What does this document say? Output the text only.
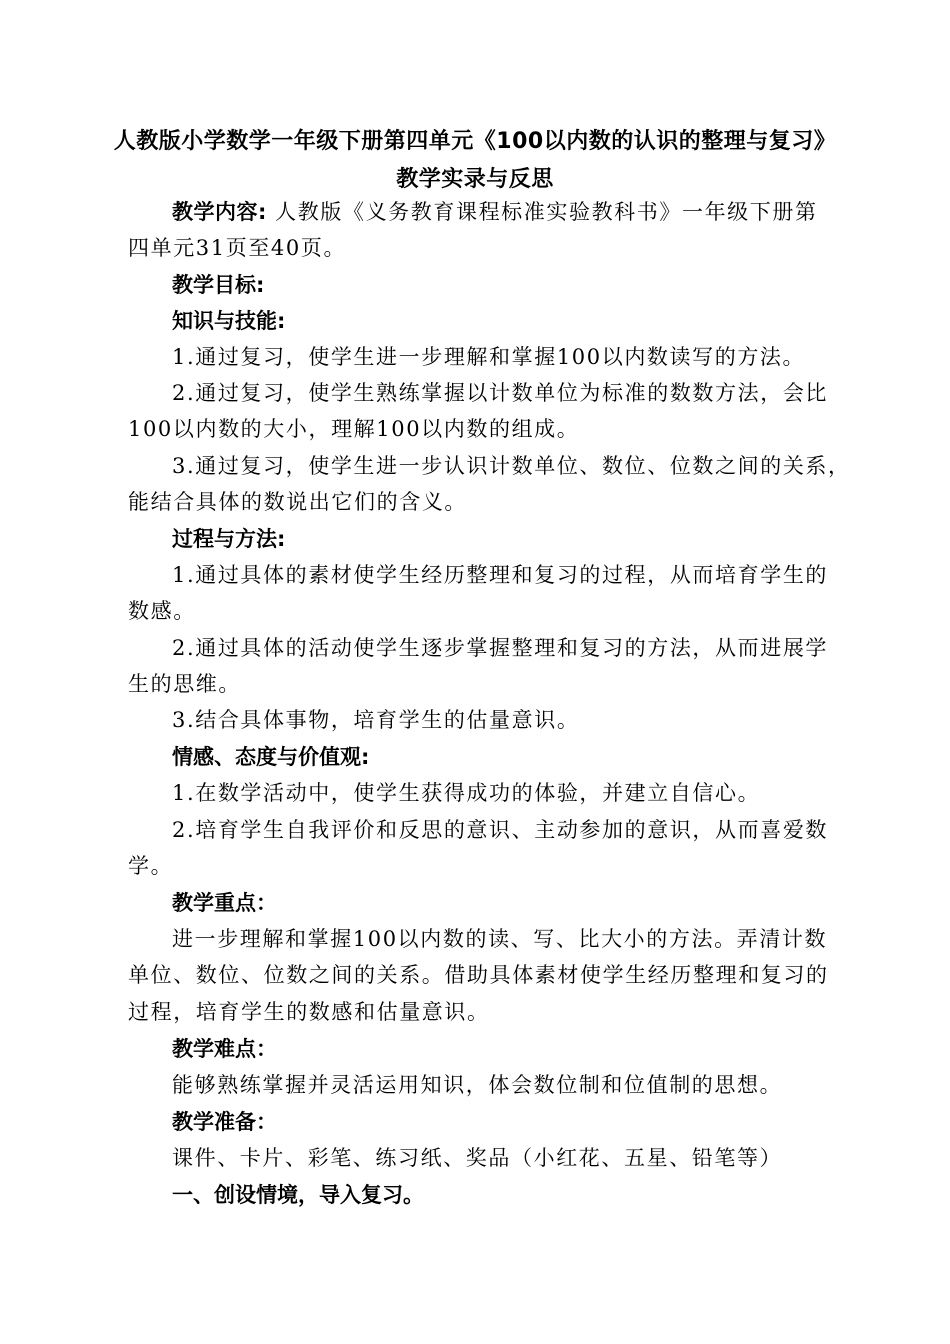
人教版小学数学一年级下册第四单元《100以内数的认识的整理与复习》
教学实录与反思
教学内容: 人教版《义务教育课程标准实验教科书》一年级下册第
四单元31页至40页。
教学目标:
知识与技能:
1.通过复习，使学生进一步理解和掌握100以内数读写的方法。
2.通过复习，使学生熟练掌握以计数单位为标准的数数方法，会比
100以内数的大小，理解100以内数的组成。
3.通过复习，使学生进一步认识计数单位、数位、位数之间的关系，
能结合具体的数说出它们的含义。
过程与方法:
1.通过具体的素材使学生经历整理和复习的过程，从而培育学生的
数感。
2.通过具体的活动使学生逐步掌握整理和复习的方法，从而进展学
生的思维。
3.结合具体事物，培育学生的估量意识。
情感、态度与价值观:
1.在数学活动中，使学生获得成功的体验，并建立自信心。
2.培育学生自我评价和反思的意识、主动参加的意识，从而喜爱数
学。
教学重点：
进一步理解和掌握100以内数的读、写、比大小的方法。弄清计数
单位、数位、位数之间的关系。借助具体素材使学生经历整理和复习的
过程，培育学生的数感和估量意识。
教学难点：
能够熟练掌握并灵活运用知识，体会数位制和位值制的思想。
教学准备：
课件、卡片、彩笔、练习纸、奖品（小红花、五星、铅笔等）
一、创设情境，导入复习。
